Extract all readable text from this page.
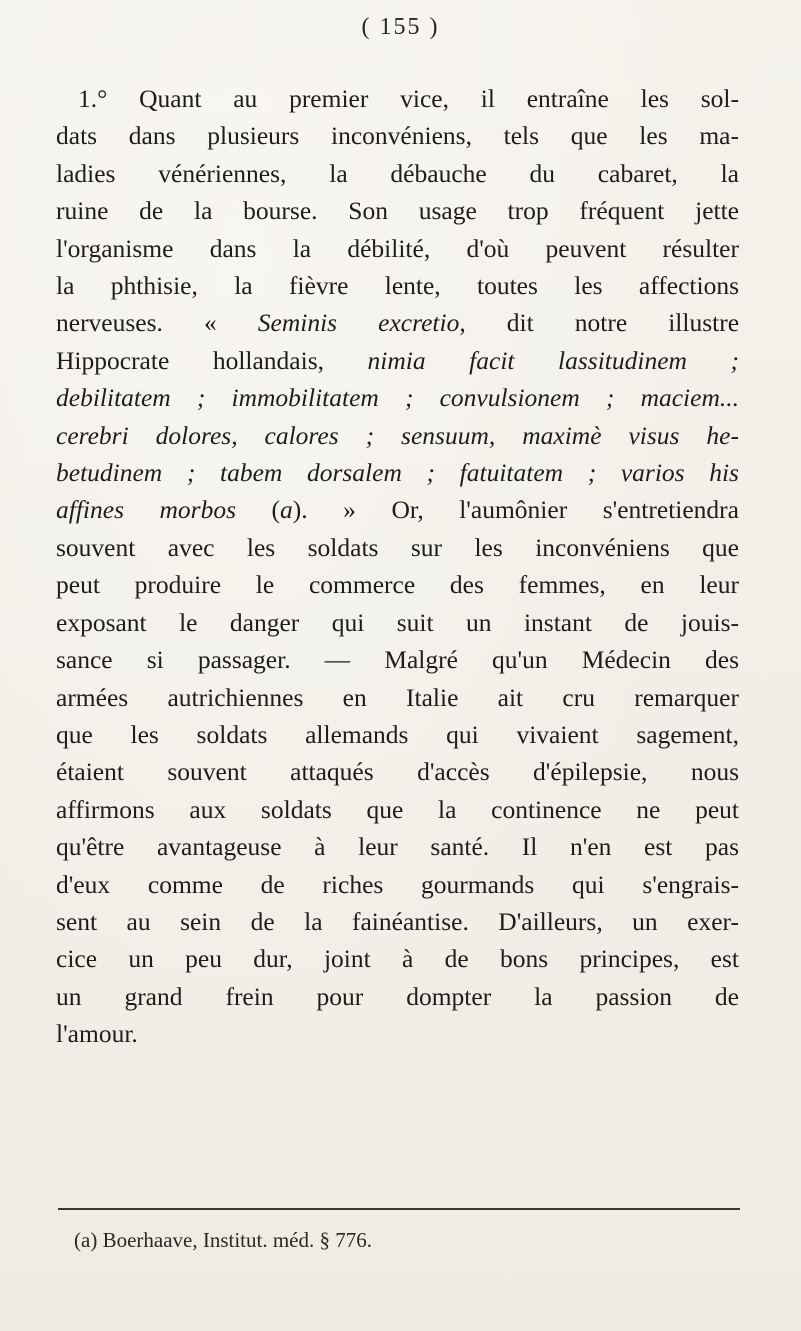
( 155 )
1.° Quant au premier vice, il entraîne les sol-
dats dans plusieurs inconvéniens, tels que les ma-
ladies vénériennes, la débauche du cabaret, la
ruine de la bourse. Son usage trop fréquent jette
l'organisme dans la débilité, d'où peuvent résulter
la phthisie, la fièvre lente, toutes les affections
nerveuses. « Seminis excretio, dit notre illustre
Hippocrate hollandais, nimia facit lassitudinem ;
debilitatem ; immobilitatem ; convulsionem ; maciem...
cerebri dolores, calores ; sensuum, maximè visus he-
betudinem ; tabem dorsalem ; fatuitatem ; varios his
affines morbos (a). » Or, l'aumônier s'entretiendra
souvent avec les soldats sur les inconvéniens que
peut produire le commerce des femmes, en leur
exposant le danger qui suit un instant de jouis-
sance si passager. — Malgré qu'un Médecin des
armées autrichiennes en Italie ait cru remarquer
que les soldats allemands qui vivaient sagement,
étaient souvent attaqués d'accès d'épilepsie, nous
affirmons aux soldats que la continence ne peut
qu'être avantageuse à leur santé. Il n'en est pas
d'eux comme de riches gourmands qui s'engrais-
sent au sein de la fainéantise. D'ailleurs, un exer-
cice un peu dur, joint à de bons principes, est
un grand frein pour dompter la passion de
l'amour.
(a) Boerhaave, Institut. méd. § 776.
